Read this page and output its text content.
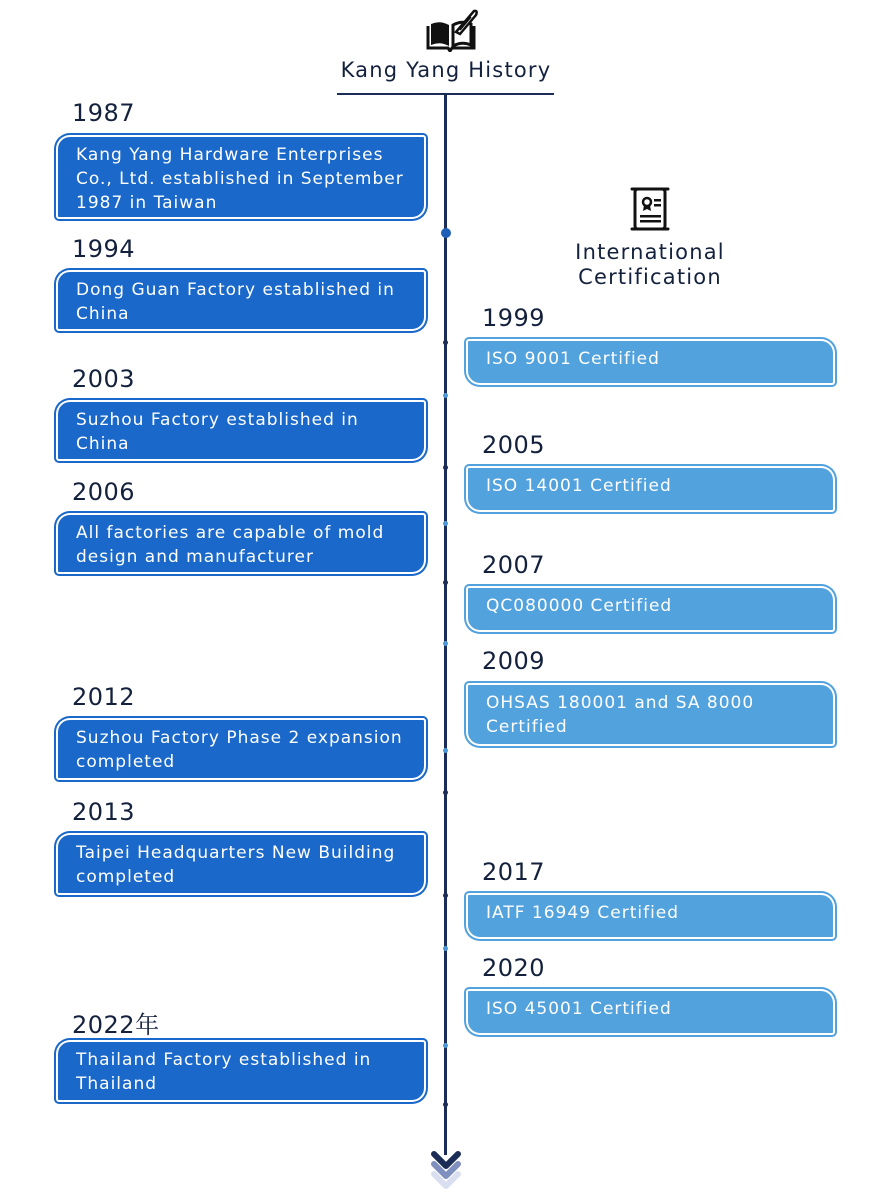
Kang Yang History
1987
Kang Yang Hardware Enterprises Co., Ltd. established in September 1987 in Taiwan
1994
Dong Guan Factory established in China
2003
Suzhou Factory established in China
2006
All factories are capable of mold design and manufacturer
2012
Suzhou Factory Phase 2 expansion completed
2013
Taipei Headquarters New Building completed
2022年
Thailand Factory established in Thailand
International Certification
1999
ISO 9001 Certified
2005
ISO 14001 Certified
2007
QC080000 Certified
2009
OHSAS 180001 and SA 8000 Certified
2017
IATF 16949 Certified
2020
ISO 45001 Certified
